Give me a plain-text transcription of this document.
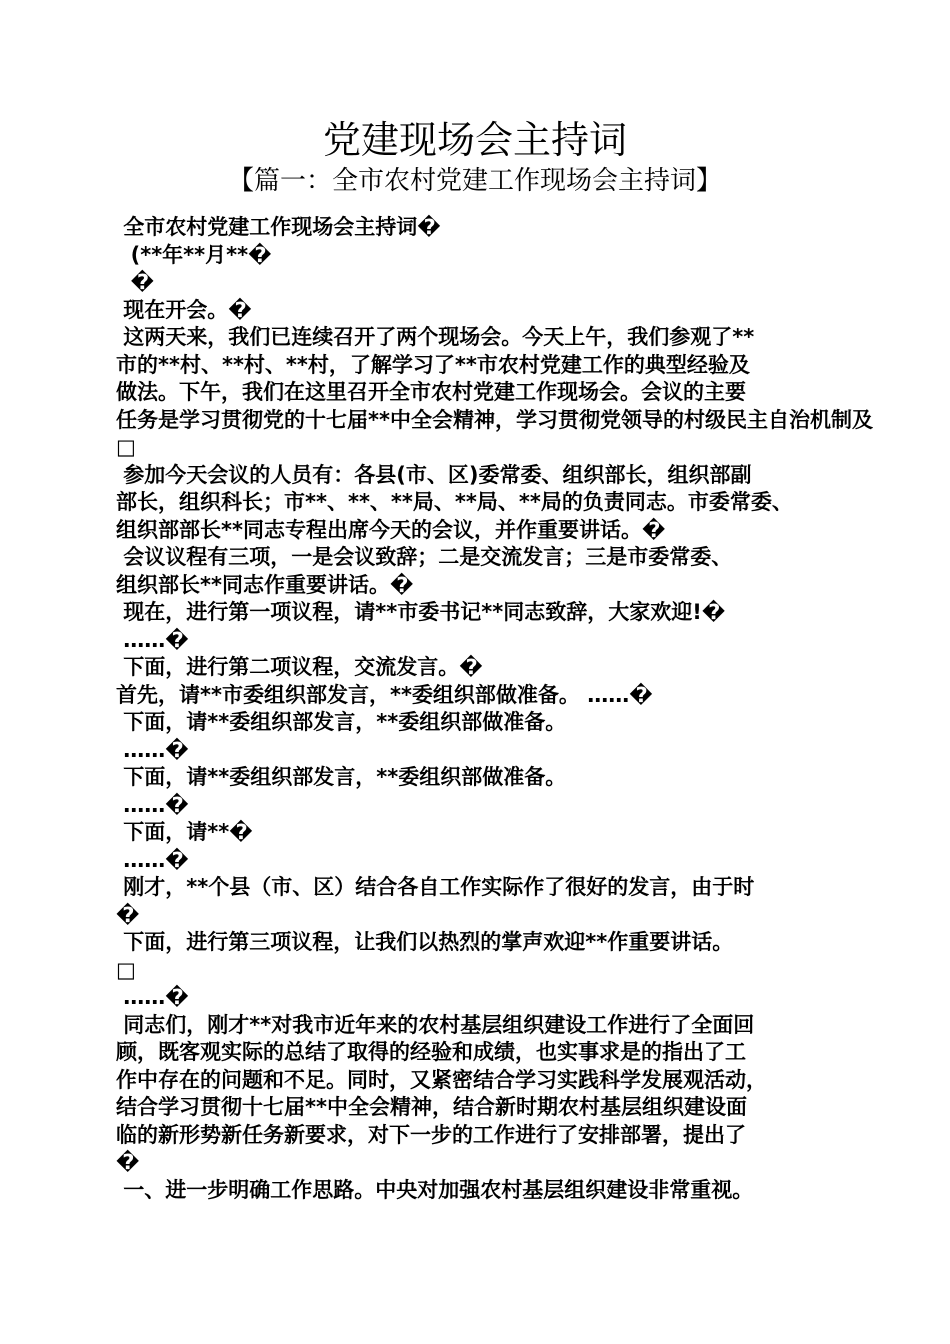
党建现场会主持词
【篇一：全市农村党建工作现场会主持词】
全市农村党建工作现场会主持词�
(**年**月**�
�
现在开会。�
这两天来，我们已连续召开了两个现场会。今天上午，我们参观了**
市的**村、**村、**村，了解学习了**市农村党建工作的典型经验及
做法。下午，我们在这里召开全市农村党建工作现场会。会议的主要
任务是学习贯彻党的十七届**中全会精神，学习贯彻党领导的村级民主自治机制及
□
参加今天会议的人员有：各县(市、区)委常委、组织部长，组织部副
部长，组织科长；市**、**、**局、**局、**局的负责同志。市委常委、
组织部部长**同志专程出席今天的会议，并作重要讲话。�
会议议程有三项，一是会议致辞；二是交流发言；三是市委常委、
组织部长**同志作重要讲话。�
现在，进行第一项议程，请**市委书记**同志致辞，大家欢迎!�
……�
下面，进行第二项议程，交流发言。�
首先，请**市委组织部发言，**委组织部做准备。 ……�
下面，请**委组织部发言，**委组织部做准备。
……�
下面，请**委组织部发言，**委组织部做准备。
……�
下面，请**�
……�
刚才，**个县（市、区）结合各自工作实际作了很好的发言，由于时
�
下面，进行第三项议程，让我们以热烈的掌声欢迎**作重要讲话。
□
……�
同志们，刚才**对我市近年来的农村基层组织建设工作进行了全面回
顾，既客观实际的总结了取得的经验和成绩，也实事求是的指出了工
作中存在的问题和不足。同时，又紧密结合学习实践科学发展观活动，
结合学习贯彻十七届**中全会精神，结合新时期农村基层组织建设面
临的新形势新任务新要求，对下一步的工作进行了安排部署，提出了
�
一、进一步明确工作思路。中央对加强农村基层组织建设非常重视。
